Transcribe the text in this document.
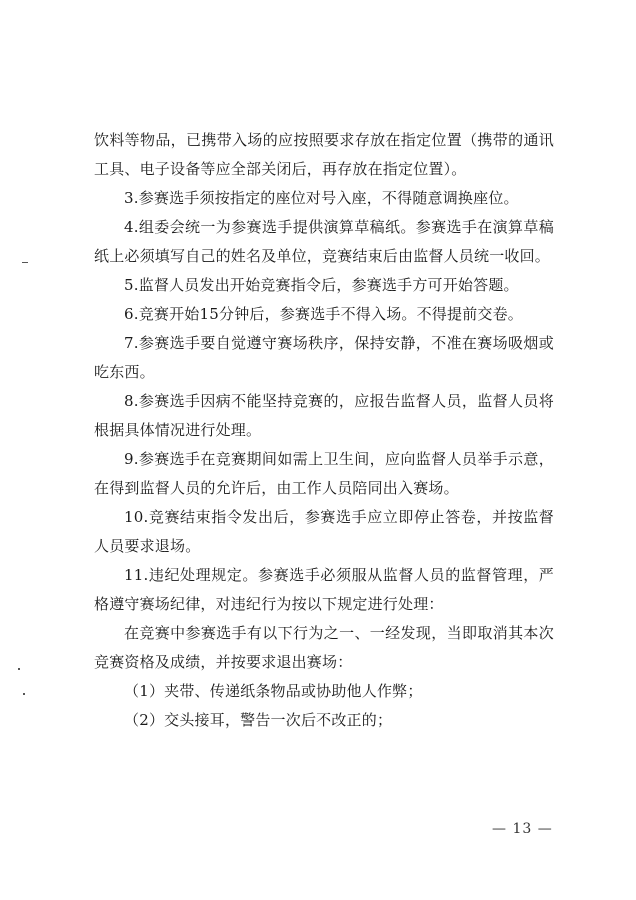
饮料等物品，已携带入场的应按照要求存放在指定位置（携带的通讯工具、电子设备等应全部关闭后，再存放在指定位置）。

3.参赛选手须按指定的座位对号入座，不得随意调换座位。

4.组委会统一为参赛选手提供演算草稿纸。参赛选手在演算草稿纸上必须填写自己的姓名及单位，竞赛结束后由监督人员统一收回。

5.监督人员发出开始竞赛指令后，参赛选手方可开始答题。

6.竞赛开始15分钟后，参赛选手不得入场。不得提前交卷。

7.参赛选手要自觉遵守赛场秩序，保持安静，不准在赛场吸烟或吃东西。

8.参赛选手因病不能坚持竞赛的，应报告监督人员，监督人员将根据具体情况进行处理。

9.参赛选手在竞赛期间如需上卫生间，应向监督人员举手示意，在得到监督人员的允许后，由工作人员陪同出入赛场。

10.竞赛结束指令发出后，参赛选手应立即停止答卷，并按监督人员要求退场。

11.违纪处理规定。参赛选手必须服从监督人员的监督管理，严格遵守赛场纪律，对违纪行为按以下规定进行处理：

在竞赛中参赛选手有以下行为之一、一经发现，当即取消其本次竞赛资格及成绩，并按要求退出赛场：

（1）夹带、传递纸条物品或协助他人作弊；

（2）交头接耳，警告一次后不改正的；

— 13 —
